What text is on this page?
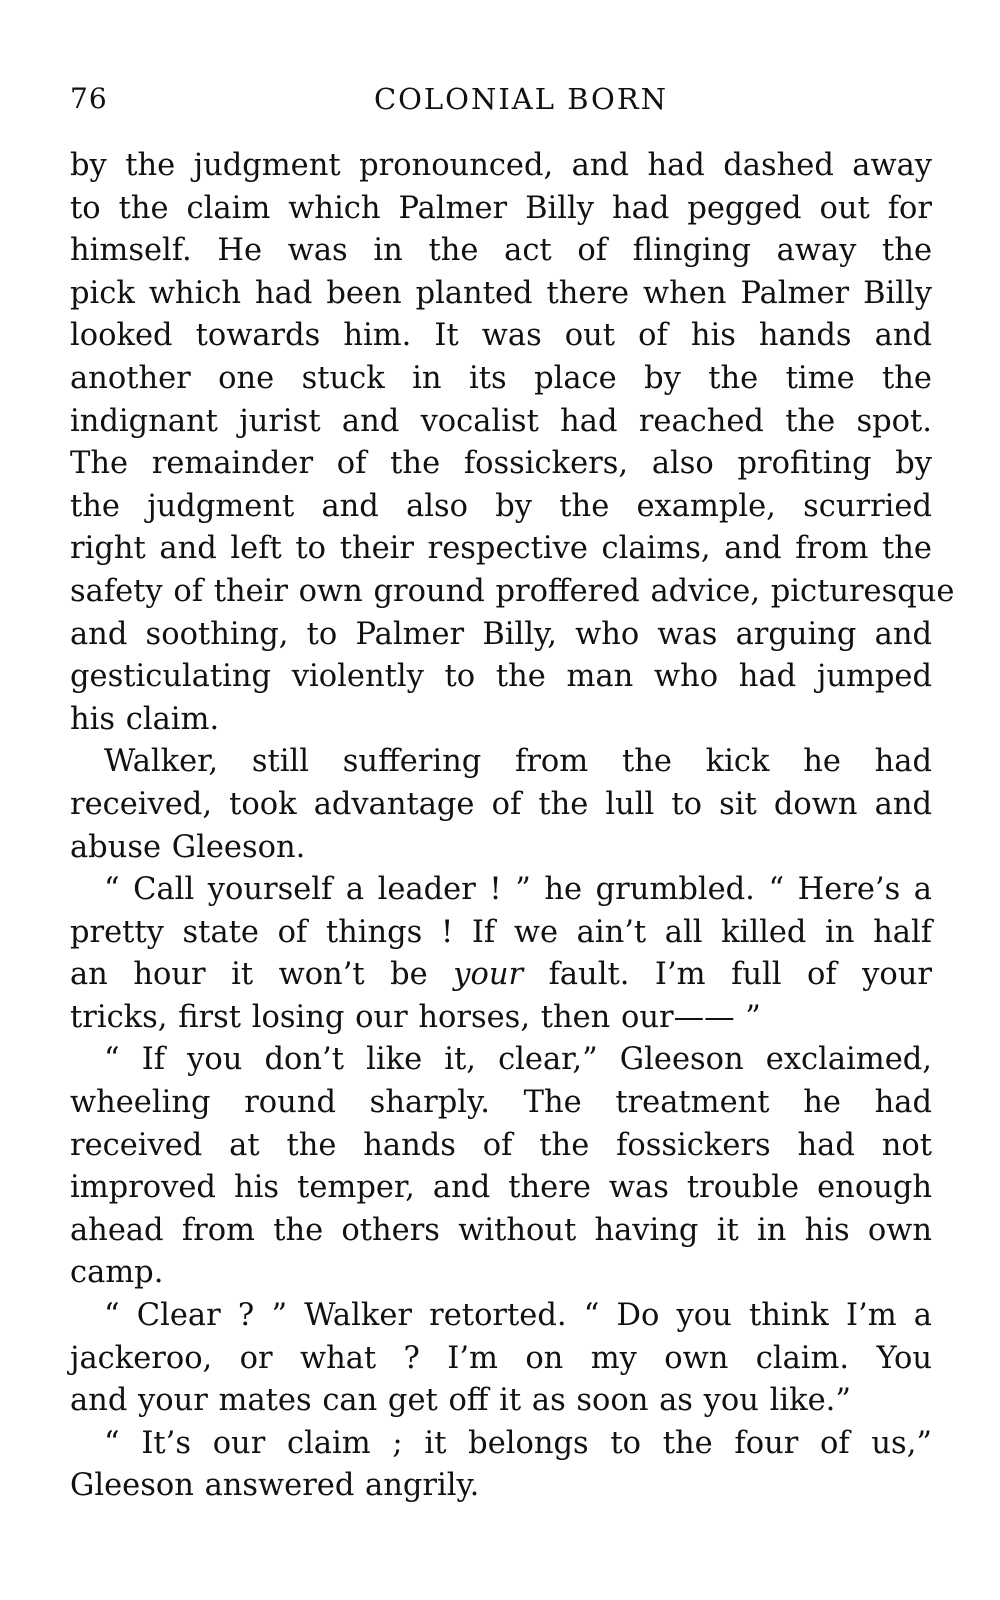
76	COLONIAL BORN

by the judgment pronounced, and had dashed away
to the claim which Palmer Billy had pegged out for
himself. He was in the act of flinging away the
pick which had been planted there when Palmer Billy
looked towards him. It was out of his hands and
another one stuck in its place by the time the
indignant jurist and vocalist had reached the spot.
The remainder of the fossickers, also profiting by
the judgment and also by the example, scurried
right and left to their respective claims, and from the
safety of their own ground proffered advice, picturesque
and soothing, to Palmer Billy, who was arguing and
gesticulating violently to the man who had jumped
his claim.

Walker, still suffering from the kick he had
received, took advantage of the lull to sit down and
abuse Gleeson.

“ Call yourself a leader ! ” he grumbled. “ Here’s a
pretty state of things ! If we ain’t all killed in half
an hour it won’t be your fault. I’m full of your
tricks, first losing our horses, then our—— ”

“ If you don’t like it, clear,” Gleeson exclaimed,
wheeling round sharply. The treatment he had
received at the hands of the fossickers had not
improved his temper, and there was trouble enough
ahead from the others without having it in his own
camp.

“ Clear ? ” Walker retorted. “ Do you think I’m a
jackeroo, or what ? I’m on my own claim. You
and your mates can get off it as soon as you like.”

“ It’s our claim ; it belongs to the four of us,”
Gleeson answered angrily.
